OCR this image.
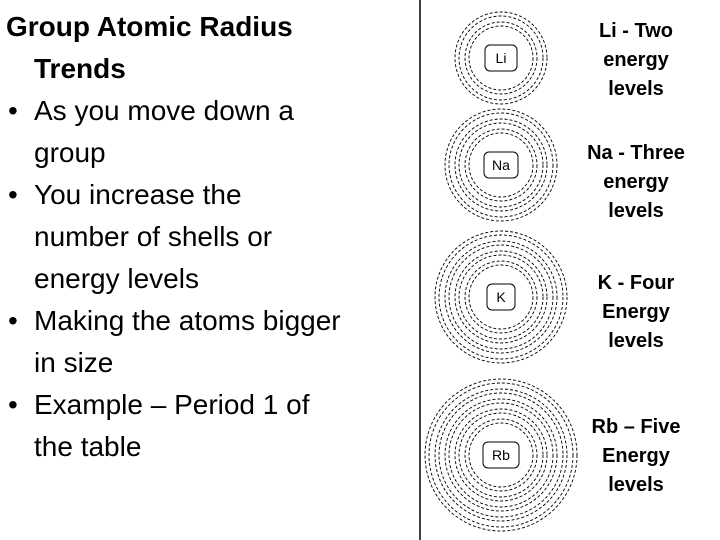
Group Atomic Radius
Trends
• As you move down a
group
• You increase the
number of shells or
energy levels
• Making the atoms bigger
in size
• Example – Period 1 of
the table
Li
Na
K
Rb
Li - Two
energy
levels
Na - Three
energy
levels
K - Four
Energy
levels
Rb – Five
Energy
levels
